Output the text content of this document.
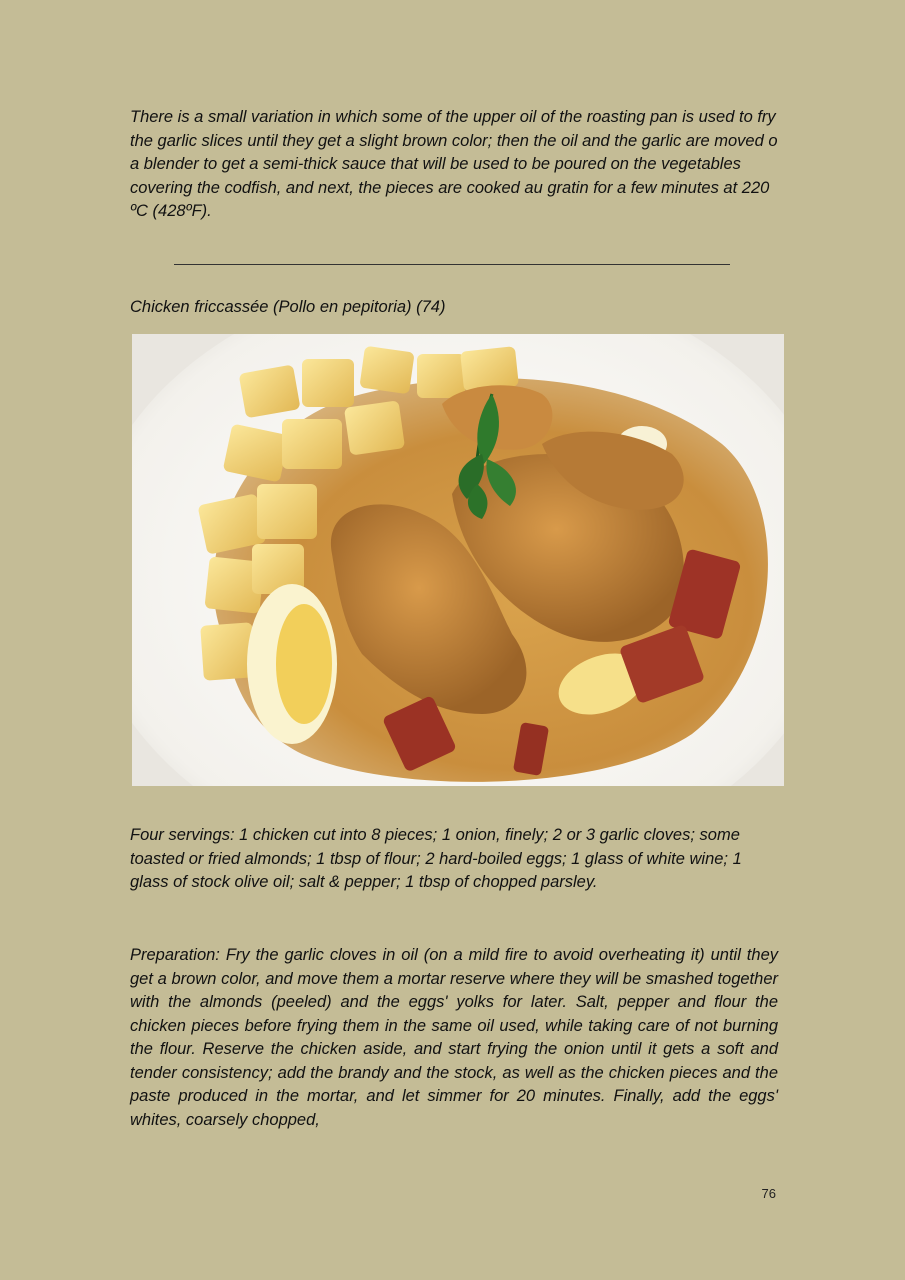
There is a small variation in which some of the upper oil of the roasting pan is used to fry the garlic slices until they get a slight brown color; then the oil and the garlic are moved o a blender to get a semi-thick sauce that will be used to be poured on the vegetables covering the codfish, and next, the pieces are cooked au gratin for a few minutes at 220 ºC (428ºF).

Chicken friccassée (Pollo en pepitoria) (74)

Four servings: 1 chicken cut into 8 pieces; 1 onion, finely; 2 or 3 garlic cloves; some toasted or fried almonds; 1 tbsp of flour; 2 hard-boiled eggs; 1 glass of white wine; 1 glass of stock olive oil; salt & pepper; 1 tbsp of chopped parsley.

Preparation: Fry the garlic cloves in oil (on a mild fire to avoid overheating it) until they get a brown color, and move them a mortar reserve where they will be smashed together with the almonds (peeled) and the eggs' yolks for later. Salt, pepper and flour the chicken pieces before frying them in the same oil used, while taking care of not burning the flour. Reserve the chicken aside, and start frying the onion until it gets a soft and tender consistency; add the brandy and the stock, as well as the chicken pieces and the paste produced in the mortar, and let simmer for 20 minutes. Finally, add the eggs' whites, coarsely chopped,

76
